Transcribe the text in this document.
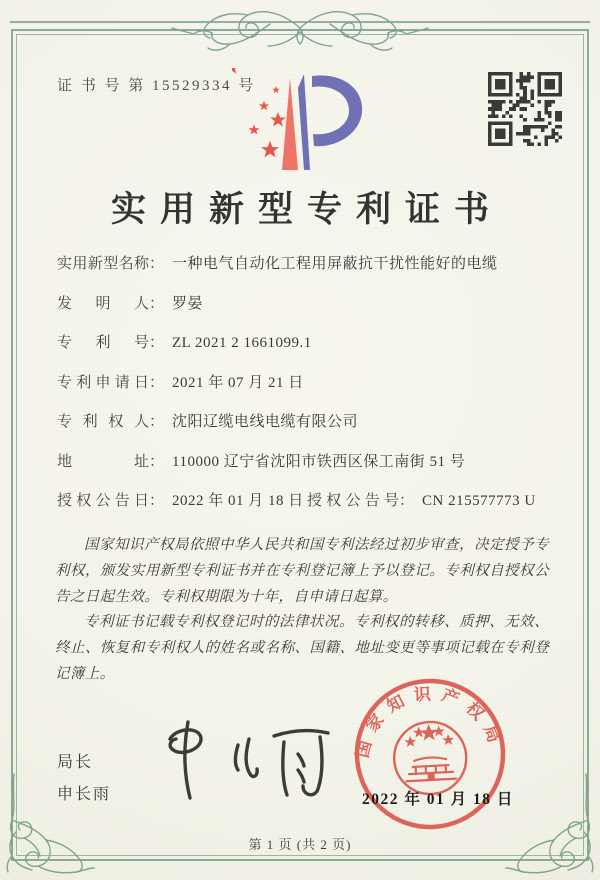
证 书 号 第 15529334 号
实用新型专利证书
实用新型名称： 一种电气自动化工程用屏蔽抗干扰性能好的电缆
发明人： 罗晏
专利号： ZL 2021 2 1661099.1
专利申请日： 2021 年 07 月 21 日
专利权人： 沈阳辽缆电线电缆有限公司
地址： 110000 辽宁省沈阳市铁西区保工南街 51 号
授权公告日： 2022 年 01 月 18 日 授权公告号： CN 215577773 U

国家知识产权局依照中华人民共和国专利法经过初步审查，决定授予专利权，颁发实用新型专利证书并在专利登记簿上予以登记。专利权自授权公告之日起生效。专利权期限为十年，自申请日起算。

专利证书记载专利权登记时的法律状况。专利权的转移、质押、无效、终止、恢复和专利权人的姓名或名称、国籍、地址变更等事项记载在专利登记簿上。

局长
申长雨
国家知识产权局
2022 年 01 月 18 日
第 1 页 (共 2 页)
